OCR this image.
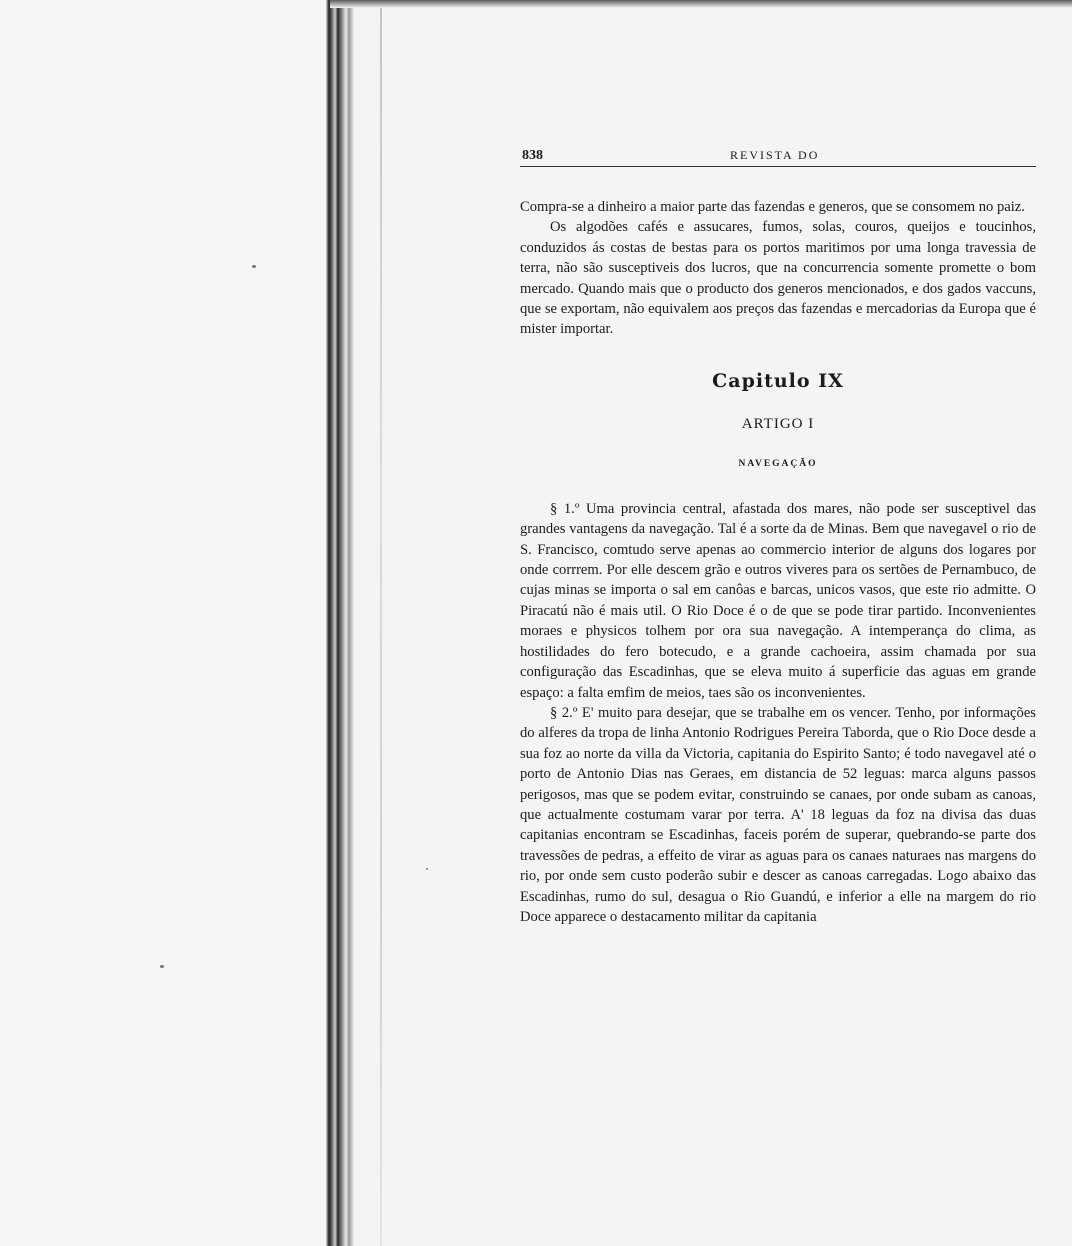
838	REVISTA DO

Compra-se a dinheiro a maior parte das fazendas e generos, que se consomem no paiz.

Os algodões cafés e assucares, fumos, solas, couros, queijos e toucinhos, conduzidos ás costas de bestas para os portos maritimos por uma longa travessia de terra, não são susceptiveis dos lucros, que na concurrencia somente promette o bom mercado. Quando mais que o producto dos generos mencionados, e dos gados vaccuns, que se exportam, não equivalem aos preços das fazendas e mercadorias da Europa que é mister importar.

Capitulo IX
ARTIGO I
NAVEGAÇÃO

§ 1.º Uma provincia central, afastada dos mares, não pode ser susceptivel das grandes vantagens da navegação. Tal é a sorte da de Minas. Bem que navegavel o rio de S. Francisco, comtudo serve apenas ao commercio interior de alguns dos logares por onde corrrem. Por elle descem grão e outros viveres para os sertões de Pernambuco, de cujas minas se importa o sal em canôas e barcas, unicos vasos, que este rio admitte. O Piracatú não é mais util. O Rio Doce é o de que se pode tirar partido. Inconvenientes moraes e physicos tolhem por ora sua navegação. A intemperança do clima, as hostilidades do fero botecudo, e a grande cachoeira, assim chamada por sua configuração das Escadinhas, que se eleva muito á superficie das aguas em grande espaço: a falta emfim de meios, taes são os inconvenientes.

§ 2.º E' muito para desejar, que se trabalhe em os vencer. Tenho, por informações do alferes da tropa de linha Antonio Rodrigues Pereira Taborda, que o Rio Doce desde a sua foz ao norte da villa da Victoria, capitania do Espirito Santo; é todo navegavel até o porto de Antonio Dias nas Geraes, em distancia de 52 leguas: marca alguns passos perigosos, mas que se podem evitar, construindo se canaes, por onde subam as canoas, que actualmente costumam varar por terra. A' 18 leguas da foz na divisa das duas capitanias encontram se Escadinhas, faceis porém de superar, quebrando-se parte dos travessões de pedras, a effeito de virar as aguas para os canaes naturaes nas margens do rio, por onde sem custo poderão subir e descer as canoas carregadas. Logo abaixo das Escadinhas, rumo do sul, desagua o Rio Guandú, e inferior a elle na margem do rio Doce apparece o destacamento militar da capitania
